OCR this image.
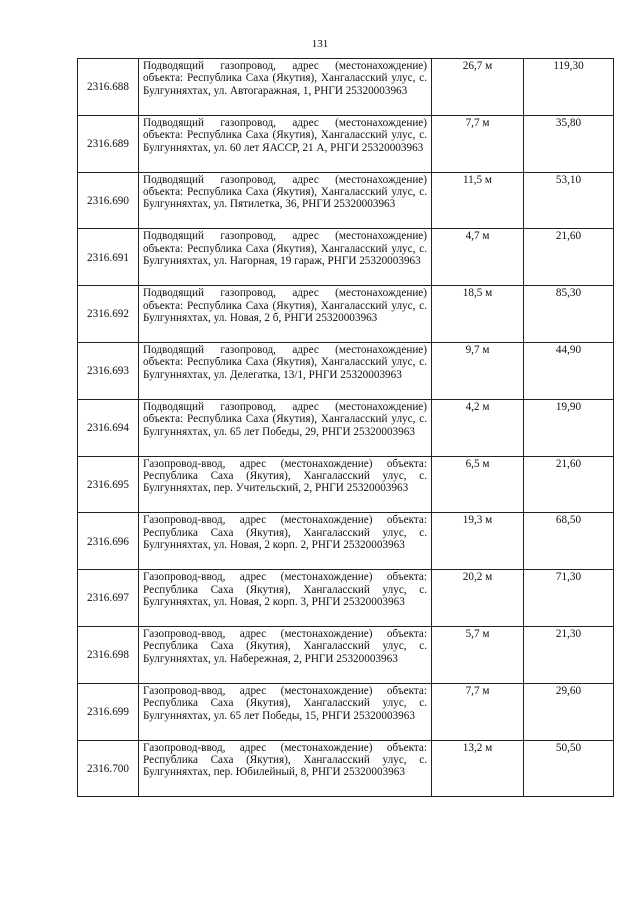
131
2316.688	Подводящий газопровод, адрес (местонахождение) объекта: Республика Саха (Якутия), Хангаласский улус, с. Булгунняхтах, ул. Автогаражная, 1, РНГИ 25320003963	26,7 м	119,30
2316.689	Подводящий газопровод, адрес (местонахождение) объекта: Республика Саха (Якутия), Хангаласский улус, с. Булгунняхтах, ул. 60 лет ЯАССР, 21 А, РНГИ 25320003963	7,7 м	35,80
2316.690	Подводящий газопровод, адрес (местонахождение) объекта: Республика Саха (Якутия), Хангаласский улус, с. Булгунняхтах, ул. Пятилетка, 36, РНГИ 25320003963	11,5 м	53,10
2316.691	Подводящий газопровод, адрес (местонахождение) объекта: Республика Саха (Якутия), Хангаласский улус, с. Булгунняхтах, ул. Нагорная, 19 гараж, РНГИ 25320003963	4,7 м	21,60
2316.692	Подводящий газопровод, адрес (местонахождение) объекта: Республика Саха (Якутия), Хангаласский улус, с. Булгунняхтах, ул. Новая, 2 б, РНГИ 25320003963	18,5 м	85,30
2316.693	Подводящий газопровод, адрес (местонахождение) объекта: Республика Саха (Якутия), Хангаласский улус, с. Булгунняхтах, ул. Делегатка, 13/1, РНГИ 25320003963	9,7 м	44,90
2316.694	Подводящий газопровод, адрес (местонахождение) объекта: Республика Саха (Якутия), Хангаласский улус, с. Булгунняхтах, ул. 65 лет Победы, 29, РНГИ 25320003963	4,2 м	19,90
2316.695	Газопровод-ввод, адрес (местонахождение) объекта: Республика Саха (Якутия), Хангаласский улус, с. Булгунняхтах, пер. Учительский, 2, РНГИ 25320003963	6,5 м	21,60
2316.696	Газопровод-ввод, адрес (местонахождение) объекта: Республика Саха (Якутия), Хангаласский улус, с. Булгунняхтах, ул. Новая, 2 корп. 2, РНГИ 25320003963	19,3 м	68,50
2316.697	Газопровод-ввод, адрес (местонахождение) объекта: Республика Саха (Якутия), Хангаласский улус, с. Булгунняхтах, ул. Новая, 2 корп. 3, РНГИ 25320003963	20,2 м	71,30
2316.698	Газопровод-ввод, адрес (местонахождение) объекта: Республика Саха (Якутия), Хангаласский улус, с. Булгунняхтах, ул. Набережная, 2, РНГИ 25320003963	5,7 м	21,30
2316.699	Газопровод-ввод, адрес (местонахождение) объекта: Республика Саха (Якутия), Хангаласский улус, с. Булгунняхтах, ул. 65 лет Победы, 15, РНГИ 25320003963	7,7 м	29,60
2316.700	Газопровод-ввод, адрес (местонахождение) объекта: Республика Саха (Якутия), Хангаласский улус, с. Булгунняхтах, пер. Юбилейный, 8, РНГИ 25320003963	13,2 м	50,50
